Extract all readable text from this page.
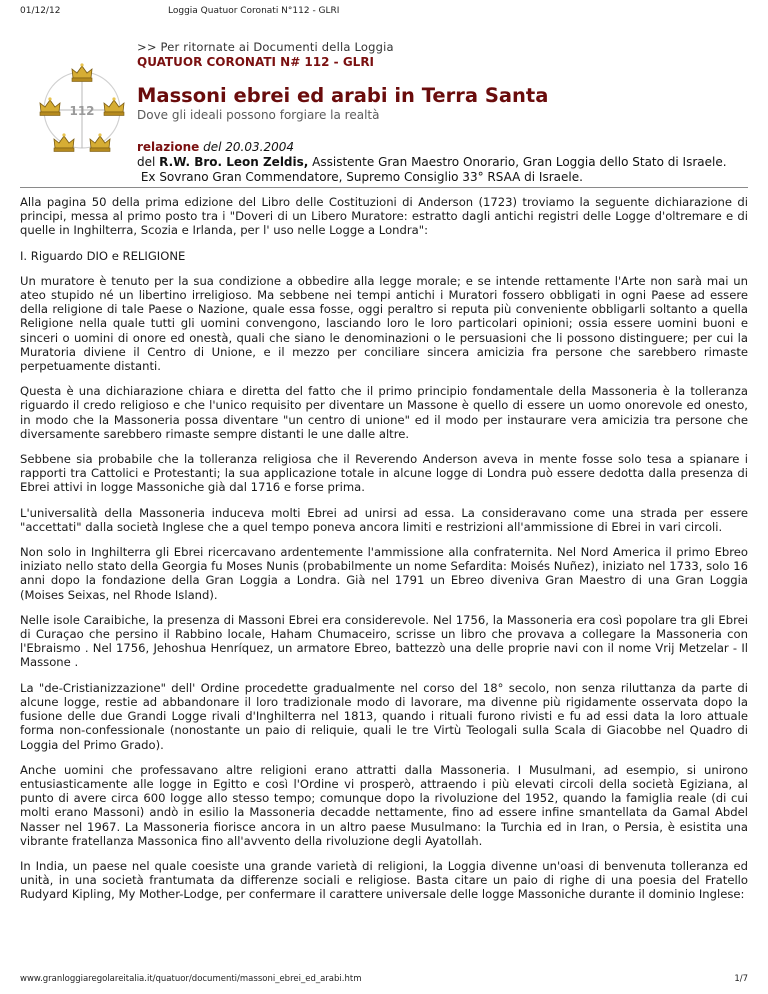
01/12/12	Loggia Quatuor Coronati N°112 - GLRI
112
>> Per ritornate ai Documenti della Loggia
QUATUOR CORONATI N# 112 - GLRI
Massoni ebrei ed arabi in Terra Santa
Dove gli ideali possono forgiare la realtà
relazione del 20.03.2004
del R.W. Bro. Leon Zeldis, Assistente Gran Maestro Onorario, Gran Loggia dello Stato di Israele.
Ex Sovrano Gran Commendatore, Supremo Consiglio 33° RSAA di Israele.

Alla pagina 50 della prima edizione del Libro delle Costituzioni di Anderson (1723) troviamo la seguente dichiarazione di principi, messa al primo posto tra i "Doveri di un Libero Muratore: estratto dagli antichi registri delle Logge d'oltremare e di quelle in Inghilterra, Scozia e Irlanda, per l' uso nelle Logge a Londra":

I. Riguardo DIO e RELIGIONE

Un muratore è tenuto per la sua condizione a obbedire alla legge morale; e se intende rettamente l'Arte non sarà mai un ateo stupido né un libertino irreligioso. Ma sebbene nei tempi antichi i Muratori fossero obbligati in ogni Paese ad essere della religione di tale Paese o Nazione, quale essa fosse, oggi peraltro si reputa più conveniente obbligarli soltanto a quella Religione nella quale tutti gli uomini convengono, lasciando loro le loro particolari opinioni; ossia essere uomini buoni e sinceri o uomini di onore ed onestà, quali che siano le denominazioni o le persuasioni che li possono distinguere; per cui la Muratoria diviene il Centro di Unione, e il mezzo per conciliare sincera amicizia fra persone che sarebbero rimaste perpetuamente distanti.

Questa è una dichiarazione chiara e diretta del fatto che il primo principio fondamentale della Massoneria è la tolleranza riguardo il credo religioso e che l'unico requisito per diventare un Massone è quello di essere un uomo onorevole ed onesto, in modo che la Massoneria possa diventare "un centro di unione" ed il modo per instaurare vera amicizia tra persone che diversamente sarebbero rimaste sempre distanti le une dalle altre.

Sebbene sia probabile che la tolleranza religiosa che il Reverendo Anderson aveva in mente fosse solo tesa a spianare i rapporti tra Cattolici e Protestanti; la sua applicazione totale in alcune logge di Londra può essere dedotta dalla presenza di Ebrei attivi in logge Massoniche già dal 1716 e forse prima.

L'universalità della Massoneria induceva molti Ebrei ad unirsi ad essa. La consideravano come una strada per essere "accettati" dalla società Inglese che a quel tempo poneva ancora limiti e restrizioni all'ammissione di Ebrei in vari circoli.

Non solo in Inghilterra gli Ebrei ricercavano ardentemente l'ammissione alla confraternita. Nel Nord America il primo Ebreo iniziato nello stato della Georgia fu Moses Nunis (probabilmente un nome Sefardita: Moisés Nuñez), iniziato nel 1733, solo 16 anni dopo la fondazione della Gran Loggia a Londra. Già nel 1791 un Ebreo diveniva Gran Maestro di una Gran Loggia (Moises Seixas, nel Rhode Island).

Nelle isole Caraibiche, la presenza di Massoni Ebrei era considerevole. Nel 1756, la Massoneria era così popolare tra gli Ebrei di Curaçao che persino il Rabbino locale, Haham Chumaceiro, scrisse un libro che provava a collegare la Massoneria con l'Ebraismo . Nel 1756, Jehoshua Henríquez, un armatore Ebreo, battezzò una delle proprie navi con il nome Vrij Metzelar - Il Massone .

La "de-Cristianizzazione" dell' Ordine procedette gradualmente nel corso del 18° secolo, non senza riluttanza da parte di alcune logge, restie ad abbandonare il loro tradizionale modo di lavorare, ma divenne più rigidamente osservata dopo la fusione delle due Grandi Logge rivali d'Inghilterra nel 1813, quando i rituali furono rivisti e fu ad essi data la loro attuale forma non-confessionale (nonostante un paio di reliquie, quali le tre Virtù Teologali sulla Scala di Giacobbe nel Quadro di Loggia del Primo Grado).

Anche uomini che professavano altre religioni erano attratti dalla Massoneria. I Musulmani, ad esempio, si unirono entusiasticamente alle logge in Egitto e così l'Ordine vi prosperò, attraendo i più elevati circoli della società Egiziana, al punto di avere circa 600 logge allo stesso tempo; comunque dopo la rivoluzione del 1952, quando la famiglia reale (di cui molti erano Massoni) andò in esilio la Massoneria decadde nettamente, fino ad essere infine smantellata da Gamal Abdel Nasser nel 1967. La Massoneria fiorisce ancora in un altro paese Musulmano: la Turchia ed in Iran, o Persia, è esistita una vibrante fratellanza Massonica fino all'avvento della rivoluzione degli Ayatollah.

In India, un paese nel quale coesiste una grande varietà di religioni, la Loggia divenne un'oasi di benvenuta tolleranza ed unità, in una società frantumata da differenze sociali e religiose. Basta citare un paio di righe di una poesia del Fratello Rudyard Kipling, My Mother-Lodge, per confermare il carattere universale delle logge Massoniche durante il dominio Inglese:

www.granloggiaregolareitalia.it/quatuor/documenti/massoni_ebrei_ed_arabi.htm	1/7
